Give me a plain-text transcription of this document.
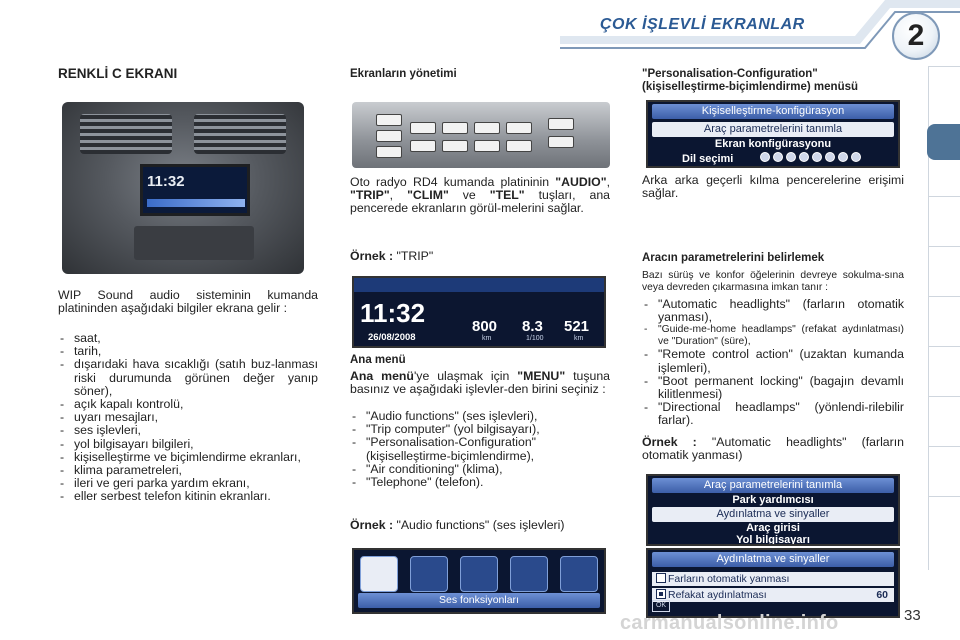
ÇOK İŞLEVLİ EKRANLAR	2
RENKLİ C EKRANI
11:32
WIP Sound audio sisteminin kumanda platininden aşağıdaki bilgiler ekrana gelir :
- saat,
- tarih,
- dışarıdaki hava sıcaklığı (satıh buz-lanması riski durumunda görünen değer yanıp söner),
- açık kapalı kontrolü,
- uyarı mesajları,
- ses işlevleri,
- yol bilgisayarı bilgileri,
- kişiselleştirme ve biçimlendirme ekranları,
- klima parametreleri,
- ileri ve geri parka yardım ekranı,
- eller serbest telefon kitinin ekranları.
Ekranların yönetimi
Oto radyo RD4 kumanda platininin "AUDIO", "TRIP", "CLIM" ve "TEL" tuşları, ana pencerede ekranların görül-melerini sağlar.
Örnek : "TRIP"
11:32
26/08/2008
800
km
8.3
1/100
521
km
Ana menü
Ana menü'ye ulaşmak için "MENU" tuşuna basınız ve aşağıdaki işlevler-den birini seçiniz :
- "Audio functions" (ses işlevleri),
- "Trip computer" (yol bilgisayarı),
- "Personalisation-Configuration" (kişiselleştirme-biçimlendirme),
- "Air conditioning" (klima),
- "Telephone" (telefon).
Örnek : "Audio functions" (ses işlevleri)
Ses fonksiyonları
"Personalisation-Configuration"
(kişiselleştirme-biçimlendirme) menüsü
Kişiselleştirme-konfigürasyon
Araç parametrelerini tanımla
Ekran konfigürasyonu
Dil seçimi
Arka arka geçerli kılma pencerelerine erişimi sağlar.
Aracın parametrelerini belirlemek
Bazı sürüş ve konfor öğelerinin devreye sokulma-sına veya devreden çıkarmasına imkan tanır :
- "Automatic headlights" (farların otomatik yanması),
- "Guide-me-home headlamps" (refakat aydınlatması) ve "Duration" (süre),
- "Remote control action" (uzaktan kumanda işlemleri),
- "Boot permanent locking" (bagajın devamlı kilitlenmesi)
- "Directional headlamps" (yönlendi-rilebilir farlar).
Örnek : "Automatic headlights" (farların otomatik yanması)
Araç parametrelerini tanımla
Park yardımcısı
Aydınlatma ve sinyaller
Araç girisi
Yol bilgisayarı
Aydınlatma ve sinyaller
Farların otomatik yanması
Refakat aydınlatması	60
OK
carmanualsonline.info	33
